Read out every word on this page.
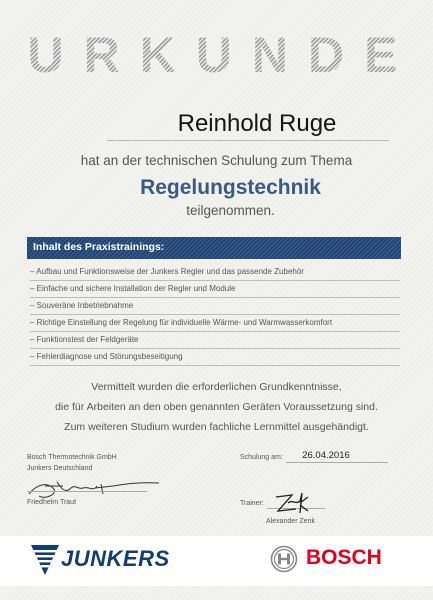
URKUNDE
Reinhold Ruge
hat an der technischen Schulung zum Thema
Regelungstechnik
teilgenommen.
Inhalt des Praxistrainings:
– Aufbau und Funktionsweise der Junkers Regler und das passende Zubehör
– Einfache und sichere Installation der Regler und Module
– Souveräne Inbetriebnahme
– Richtige Einstellung der Regelung für individuelle Wärme- und Warmwasserkomfort
– Funktionstest der Feldgeräte
– Fehlerdiagnose und Störungsbeseitigung
Vermittelt wurden die erforderlichen Grundkenntnisse,
die für Arbeiten an den oben genannten Geräten Voraussetzung sind.
Zum weiteren Studium wurden fachliche Lernmittel ausgehändigt.
Bosch Thermotechnik GmbH
Junkers Deutschland
Friedhelm Traut
Schulung am:	26.04.2016
Trainer:
Alexander Zenk
JUNKERS	BOSCH
